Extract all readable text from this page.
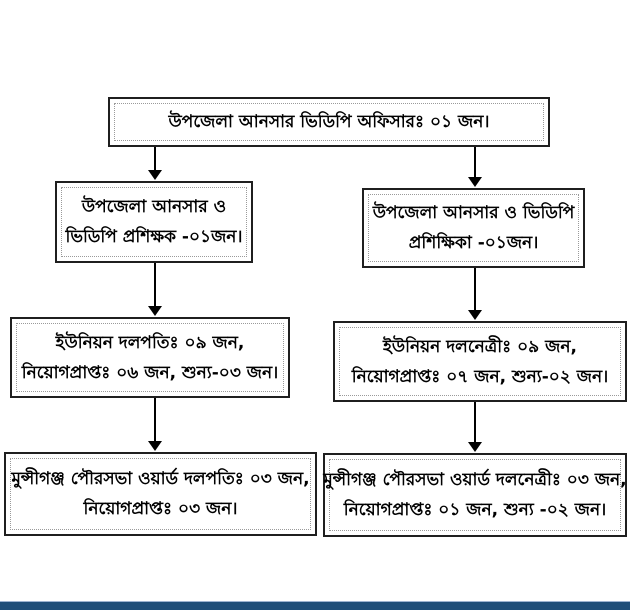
উপজেলা আনসার ভিডিপি অফিসারঃ ০১ জন।
উপজেলা আনসার ও
ভিডিপি প্রশিক্ষক -০১জন।
উপজেলা আনসার ও ভিডিপি
প্রশিক্ষিকা -০১জন।
ইউনিয়ন দলপতিঃ ০৯ জন,
নিয়োগপ্রাপ্তঃ ০৬ জন, শুন্য-০৩ জন।
ইউনিয়ন দলনেত্রীঃ ০৯ জন,
নিয়োগপ্রাপ্তঃ ০৭ জন, শুন্য-০২ জন।
মুন্সীগঞ্জ পৌরসভা ওয়ার্ড দলপতিঃ ০৩ জন,
নিয়োগপ্রাপ্তঃ ০৩ জন।
মুন্সীগঞ্জ পৌরসভা ওয়ার্ড দলনেত্রীঃ ০৩ জন,
নিয়োগপ্রাপ্তঃ ০১ জন, শুন্য -০২ জন।
